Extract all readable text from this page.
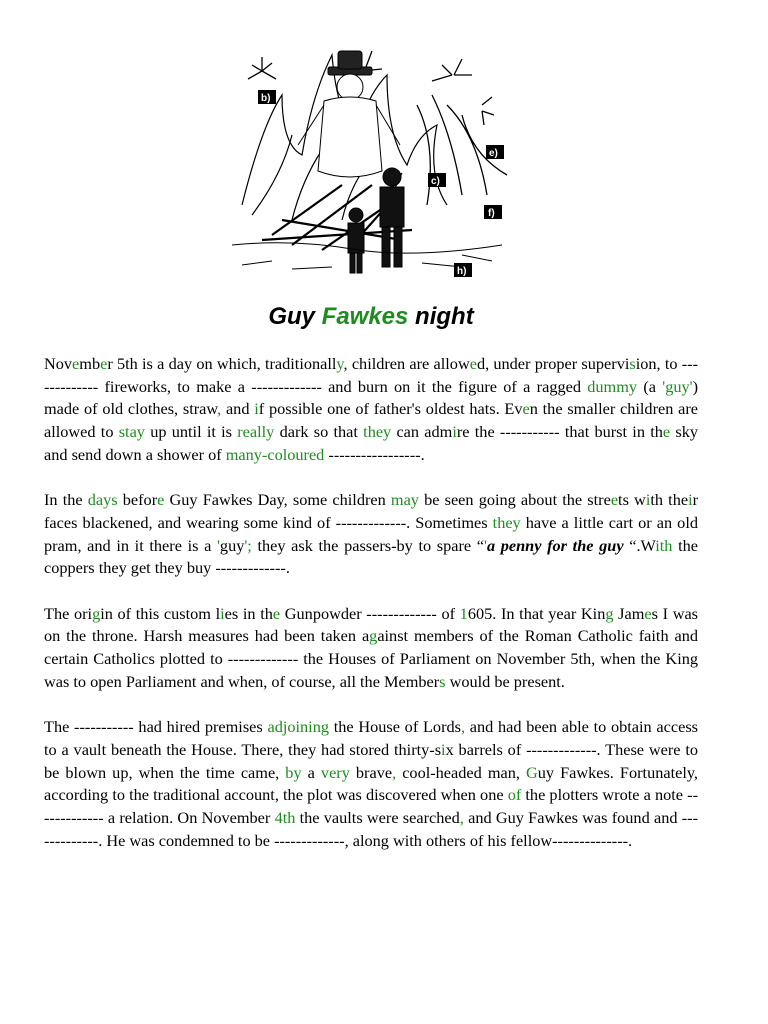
b)
e)
c)
f)
h)
Guy Fawkes night

November 5th is a day on which, traditionally, children are allowed, under proper supervision, to ------------- fireworks, to make a ------------- and burn on it the figure of a ragged dummy (a 'guy') made of old clothes, straw, and if possible one of father's oldest hats. Even the smaller children are allowed to stay up until it is really dark so that they can admire the ----------- that burst in the sky and send down a shower of many-coloured -----------------.

In the days before Guy Fawkes Day, some children may be seen going about the streets with their faces blackened, and wearing some kind of -------------. Sometimes they have a little cart or an old pram, and in it there is a 'guy'; they ask the passers-by to spare “'a penny for the guy “.With the coppers they get they buy -------------.

The origin of this custom lies in the Gunpowder ------------- of 1605. In that year King James I was on the throne. Harsh measures had been taken against members of the Roman Catholic faith and certain Catholics plotted to ------------- the Houses of Parliament on November 5th, when the King was to open Parliament and when, of course, all the Members would be present.

The ----------- had hired premises adjoining the House of Lords, and had been able to obtain access to a vault beneath the House. There, they had stored thirty-six barrels of -------------. These were to be blown up, when the time came, by a very brave, cool-headed man, Guy Fawkes. Fortunately, according to the traditional account, the plot was discovered when one of the plotters wrote a note ------------- a relation. On November 4th the vaults were searched, and Guy Fawkes was found and -------------. He was condemned to be -------------, along with others of his fellow--------------.
